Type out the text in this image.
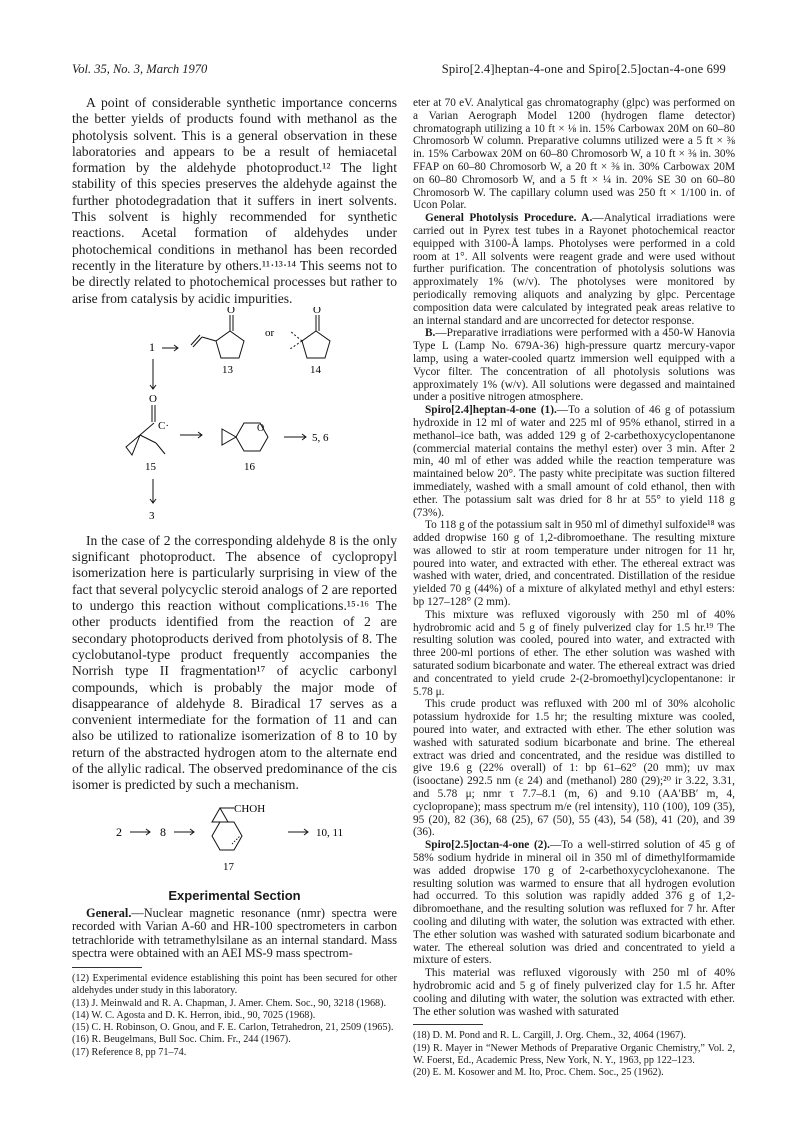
Vol. 35, No. 3, March 1970	Spiro[2.4]heptan-4-one and Spiro[2.5]octan-4-one 699

A point of considerable synthetic importance concerns the better yields of products found with methanol as the photolysis solvent. This is a general observation in these laboratories and appears to be a result of hemiacetal formation by the aldehyde photoproduct.¹² The light stability of this species preserves the aldehyde against the further photodegradation that it suffers in inert solvents. This solvent is highly recommended for synthetic reactions. Acetal formation of aldehydes under photochemical conditions in methanol has been recorded recently in the literature by others.¹¹·¹³·¹⁴ This seems not to be directly related to photochemical processes but rather to arise from catalysis by acidic impurities.

1
O
or
O
13	14
O
C·	O
5, 6
15	16
3

In the case of 2 the corresponding aldehyde 8 is the only significant photoproduct. The absence of cyclopropyl isomerization here is particularly surprising in view of the fact that several polycyclic steroid analogs of 2 are reported to undergo this reaction without complications.¹⁵·¹⁶ The other products identified from the reaction of 2 are secondary photoproducts derived from photolysis of 8. The cyclobutanol-type product frequently accompanies the Norrish type II fragmentation¹⁷ of acyclic carbonyl compounds, which is probably the major mode of disappearance of aldehyde 8. Biradical 17 serves as a convenient intermediate for the formation of 11 and can also be utilized to rationalize isomerization of 8 to 10 by return of the abstracted hydrogen atom to the alternate end of the allylic radical. The observed predominance of the cis isomer is predicted by such a mechanism.

2	8
CHOH
10, 11
17

Experimental Section

General.—Nuclear magnetic resonance (nmr) spectra were recorded with Varian A-60 and HR-100 spectrometers in carbon tetrachloride with tetramethylsilane as an internal standard. Mass spectra were obtained with an AEI MS-9 mass spectrom-

(12) Experimental evidence establishing this point has been secured for other aldehydes under study in this laboratory.

(13) J. Meinwald and R. A. Chapman, J. Amer. Chem. Soc., 90, 3218 (1968).

(14) W. C. Agosta and D. K. Herron, ibid., 90, 7025 (1968).

(15) C. H. Robinson, O. Gnou, and F. E. Carlon, Tetrahedron, 21, 2509 (1965).

(16) R. Beugelmans, Bull Soc. Chim. Fr., 244 (1967).

(17) Reference 8, pp 71–74.

eter at 70 eV. Analytical gas chromatography (glpc) was performed on a Varian Aerograph Model 1200 (hydrogen flame detector) chromatograph utilizing a 10 ft × ⅛ in. 15% Carbowax 20M on 60–80 Chromosorb W column. Preparative columns utilized were a 5 ft × ⅜ in. 15% Carbowax 20M on 60–80 Chromosorb W, a 10 ft × ⅜ in. 30% FFAP on 60–80 Chromosorb W, a 20 ft × ⅜ in. 30% Carbowax 20M on 60–80 Chromosorb W, and a 5 ft × ¼ in. 20% SE 30 on 60–80 Chromosorb W. The capillary column used was 250 ft × 1/100 in. of Ucon Polar.

General Photolysis Procedure. A.—Analytical irradiations were carried out in Pyrex test tubes in a Rayonet photochemical reactor equipped with 3100-Å lamps. Photolyses were performed in a cold room at 1°. All solvents were reagent grade and were used without further purification. The concentration of photolysis solutions was approximately 1% (w/v). The photolyses were monitored by periodically removing aliquots and analyzing by glpc. Percentage composition data were calculated by integrated peak areas relative to an internal standard and are uncorrected for detector response.

B.—Preparative irradiations were performed with a 450-W Hanovia Type L (Lamp No. 679A-36) high-pressure quartz mercury-vapor lamp, using a water-cooled quartz immersion well equipped with a Vycor filter. The concentration of all photolysis solutions was approximately 1% (w/v). All solutions were degassed and maintained under a positive nitrogen atmosphere.

Spiro[2.4]heptan-4-one (1).—To a solution of 46 g of potassium hydroxide in 12 ml of water and 225 ml of 95% ethanol, stirred in a methanol–ice bath, was added 129 g of 2-carbethoxycyclopentanone (commercial material contains the methyl ester) over 3 min. After 2 min, 40 ml of ether was added while the reaction temperature was maintained below 20°. The pasty white precipitate was suction filtered immediately, washed with a small amount of cold ethanol, then with ether. The potassium salt was dried for 8 hr at 55° to yield 118 g (73%).

To 118 g of the potassium salt in 950 ml of dimethyl sulfoxide¹⁸ was added dropwise 160 g of 1,2-dibromoethane. The resulting mixture was allowed to stir at room temperature under nitrogen for 11 hr, poured into water, and extracted with ether. The ethereal extract was washed with water, dried, and concentrated. Distillation of the residue yielded 70 g (44%) of a mixture of alkylated methyl and ethyl esters: bp 127–128° (2 mm).

This mixture was refluxed vigorously with 250 ml of 40% hydrobromic acid and 5 g of finely pulverized clay for 1.5 hr.¹⁹ The resulting solution was cooled, poured into water, and extracted with three 200-ml portions of ether. The ether solution was washed with saturated sodium bicarbonate and water. The ethereal extract was dried and concentrated to yield crude 2-(2-bromoethyl)cyclopentanone: ir 5.78 μ.

This crude product was refluxed with 200 ml of 30% alcoholic potassium hydroxide for 1.5 hr; the resulting mixture was cooled, poured into water, and extracted with ether. The ether solution was washed with saturated sodium bicarbonate and brine. The ethereal extract was dried and concentrated, and the residue was distilled to give 19.6 g (22% overall) of 1: bp 61–62° (20 mm); uv max (isooctane) 292.5 nm (ε 24) and (methanol) 280 (29);²⁰ ir 3.22, 3.31, and 5.78 μ; nmr τ 7.7–8.1 (m, 6) and 9.10 (AA′BB′ m, 4, cyclopropane); mass spectrum m/e (rel intensity), 110 (100), 109 (35), 95 (20), 82 (36), 68 (25), 67 (50), 55 (43), 54 (58), 41 (20), and 39 (36).

Spiro[2.5]octan-4-one (2).—To a well-stirred solution of 45 g of 58% sodium hydride in mineral oil in 350 ml of dimethylformamide was added dropwise 170 g of 2-carbethoxycyclohexanone. The resulting solution was warmed to ensure that all hydrogen evolution had occurred. To this solution was rapidly added 376 g of 1,2-dibromoethane, and the resulting solution was refluxed for 7 hr. After cooling and diluting with water, the solution was extracted with ether. The ether solution was washed with saturated sodium bicarbonate and water. The ethereal solution was dried and concentrated to yield a mixture of esters.

This material was refluxed vigorously with 250 ml of 40% hydrobromic acid and 5 g of finely pulverized clay for 1.5 hr. After cooling and diluting with water, the solution was extracted with ether. The ether solution was washed with saturated

(18) D. M. Pond and R. L. Cargill, J. Org. Chem., 32, 4064 (1967).

(19) R. Mayer in “Newer Methods of Preparative Organic Chemistry,” Vol. 2, W. Foerst, Ed., Academic Press, New York, N. Y., 1963, pp 122–123.

(20) E. M. Kosower and M. Ito, Proc. Chem. Soc., 25 (1962).
